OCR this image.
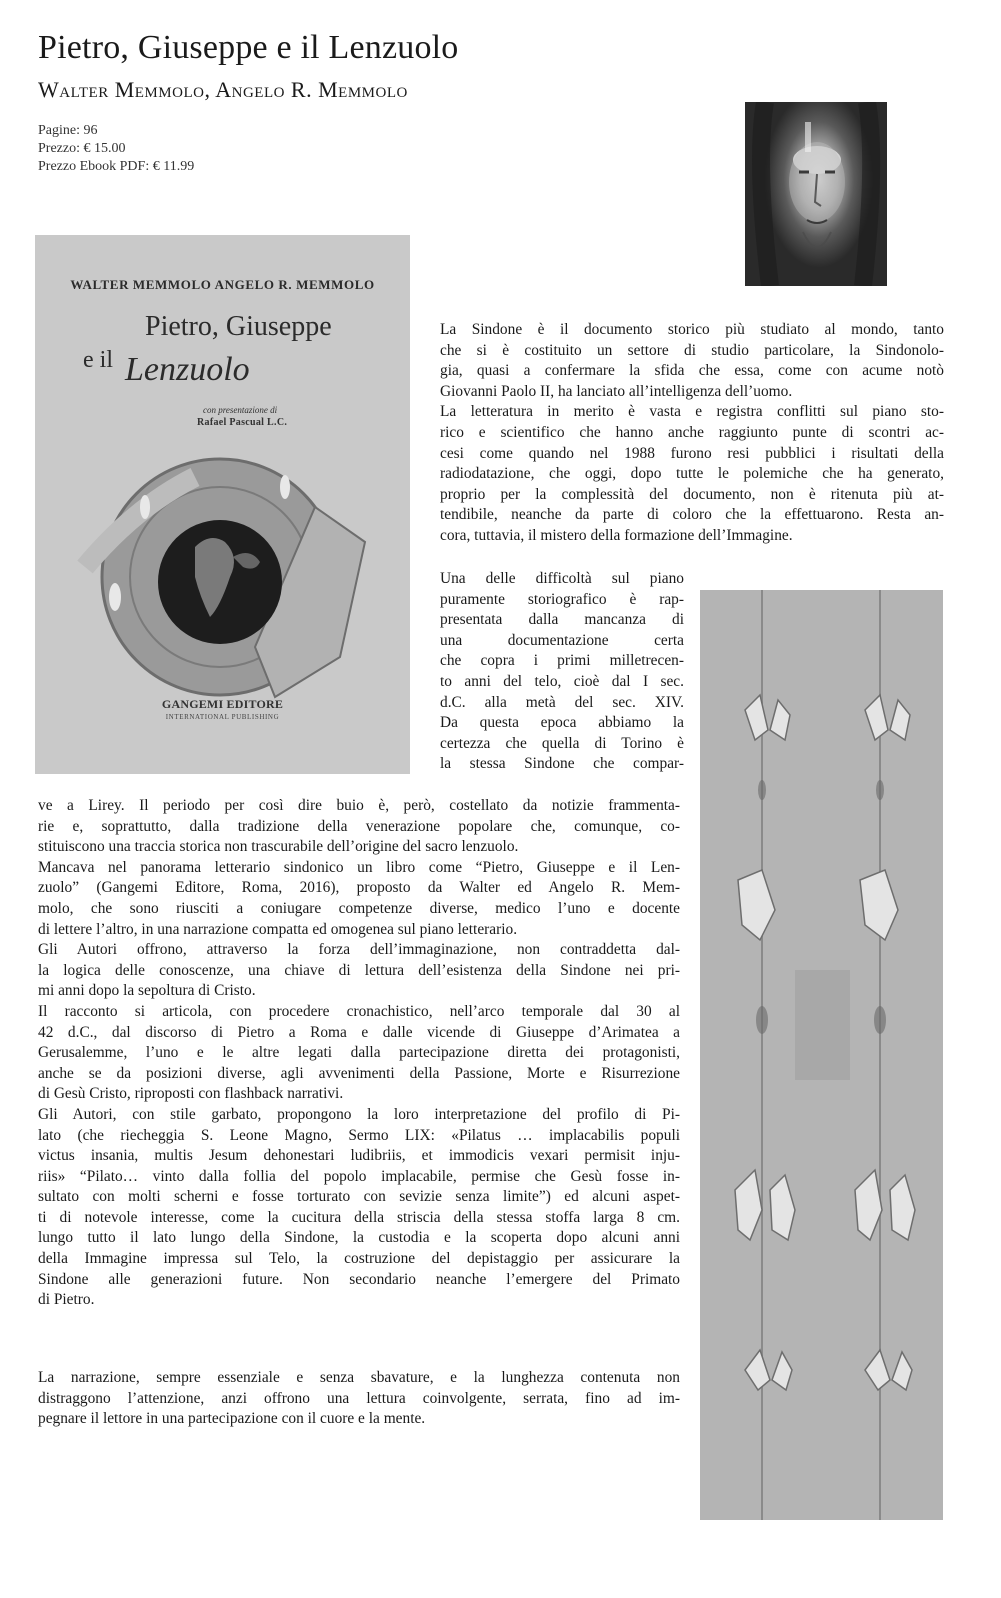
Pietro, Giuseppe e il Lenzuolo
Walter Memmolo, Angelo R. Memmolo
Pagine: 96
Prezzo: € 15.00
Prezzo Ebook PDF: € 11.99
WALTER MEMMOLO ANGELO R. MEMMOLO
Pietro, Giuseppe
e il Lenzuolo
con presentazione di
Rafael Pascual L.C.
GANGEMI EDITORE
INTERNATIONAL PUBLISHING
La Sindone è il documento storico più studiato al mondo, tanto
che si è costituito un settore di studio particolare, la Sindonolo-
gia, quasi a confermare la sfida che essa, come con acume notò
Giovanni Paolo II, ha lanciato all’intelligenza dell’uomo.
La letteratura in merito è vasta e registra conflitti sul piano sto-
rico e scientifico che hanno anche raggiunto punte di scontri ac-
cesi come quando nel 1988 furono resi pubblici i risultati della
radiodatazione, che oggi, dopo tutte le polemiche che ha generato,
proprio per la complessità del documento, non è ritenuta più at-
tendibile, neanche da parte di coloro che la effettuarono. Resta an-
cora, tuttavia, il mistero della formazione dell’Immagine.
Una delle difficoltà sul piano
puramente storiografico è rap-
presentata dalla mancanza di
una documentazione certa
che copra i primi milletrecen-
to anni del telo, cioè dal I sec.
d.C. alla metà del sec. XIV.
Da questa epoca abbiamo la
certezza che quella di Torino è
la stessa Sindone che compar-
ve a Lirey. Il periodo per così dire buio è, però, costellato da notizie frammenta-
rie e, soprattutto, dalla tradizione della venerazione popolare che, comunque, co-
stituiscono una traccia storica non trascurabile dell’origine del sacro lenzuolo.
Mancava nel panorama letterario sindonico un libro come “Pietro, Giuseppe e il Len-
zuolo” (Gangemi Editore, Roma, 2016), proposto da Walter ed Angelo R. Mem-
molo, che sono riusciti a coniugare competenze diverse, medico l’uno e docente
di lettere l’altro, in una narrazione compatta ed omogenea sul piano letterario.
Gli Autori offrono, attraverso la forza dell’immaginazione, non contraddetta dal-
la logica delle conoscenze, una chiave di lettura dell’esistenza della Sindone nei pri-
mi anni dopo la sepoltura di Cristo.
Il racconto si articola, con procedere cronachistico, nell’arco temporale dal 30 al
42 d.C., dal discorso di Pietro a Roma e dalle vicende di Giuseppe d’Arimatea a
Gerusalemme, l’uno e le altre legati dalla partecipazione diretta dei protagonisti,
anche se da posizioni diverse, agli avvenimenti della Passione, Morte e Risurrezione
di Gesù Cristo, riproposti con flashback narrativi.
Gli Autori, con stile garbato, propongono la loro interpretazione del profilo di Pi-
lato (che riecheggia S. Leone Magno, Sermo LIX: «Pilatus … implacabilis populi
victus insania, multis Jesum dehonestari ludibriis, et immodicis vexari permisit inju-
riis» “Pilato… vinto dalla follia del popolo implacabile, permise che Gesù fosse in-
sultato con molti scherni e fosse torturato con sevizie senza limite”) ed alcuni aspet-
ti di notevole interesse, come la cucitura della striscia della stessa stoffa larga 8 cm.
lungo tutto il lato lungo della Sindone, la custodia e la scoperta dopo alcuni anni
della Immagine impressa sul Telo, la costruzione del depistaggio per assicurare la
Sindone alle generazioni future. Non secondario neanche l’emergere del Primato
di Pietro.
La narrazione, sempre essenziale e senza sbavature, e la lunghezza contenuta non
distraggono l’attenzione, anzi offrono una lettura coinvolgente, serrata, fino ad im-
pegnare il lettore in una partecipazione con il cuore e la mente.
